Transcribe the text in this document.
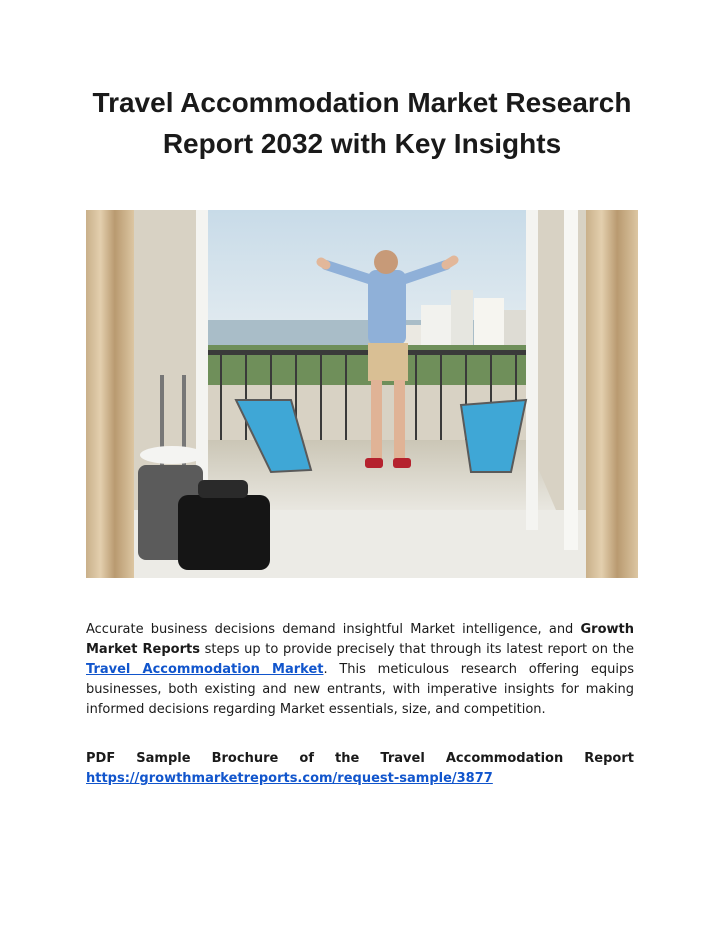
Travel Accommodation Market Research Report 2032 with Key Insights

Accurate business decisions demand insightful Market intelligence, and Growth Market Reports steps up to provide precisely that through its latest report on the Travel Accommodation Market. This meticulous research offering equips businesses, both existing and new entrants, with imperative insights for making informed decisions regarding Market essentials, size, and competition.

PDF Sample Brochure of the Travel Accommodation Report

https://growthmarketreports.com/request-sample/3877
